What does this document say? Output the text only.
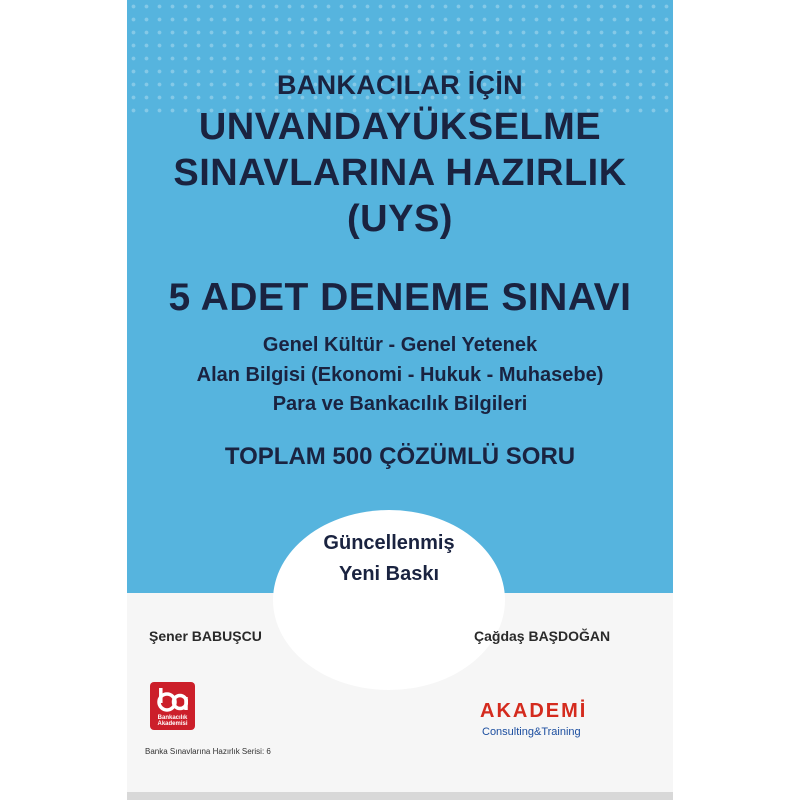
BANKACILAR İÇİN
UNVANDAYÜKSELME
SINAVLARINA HAZIRLIK
(UYS)
5 ADET DENEME SINAVI
Genel Kültür - Genel Yetenek
Alan Bilgisi (Ekonomi - Hukuk - Muhasebe)
Para ve Bankacılık Bilgileri
TOPLAM 500 ÇÖZÜMLÜ SORU
Güncellenmiş
Yeni Baskı
Şener BABUŞCU	Çağdaş BAŞDOĞAN
Bankacılık
Akademisi
Banka Sınavlarına Hazırlık Serisi: 6
AKADEMİ
Consulting&Training
